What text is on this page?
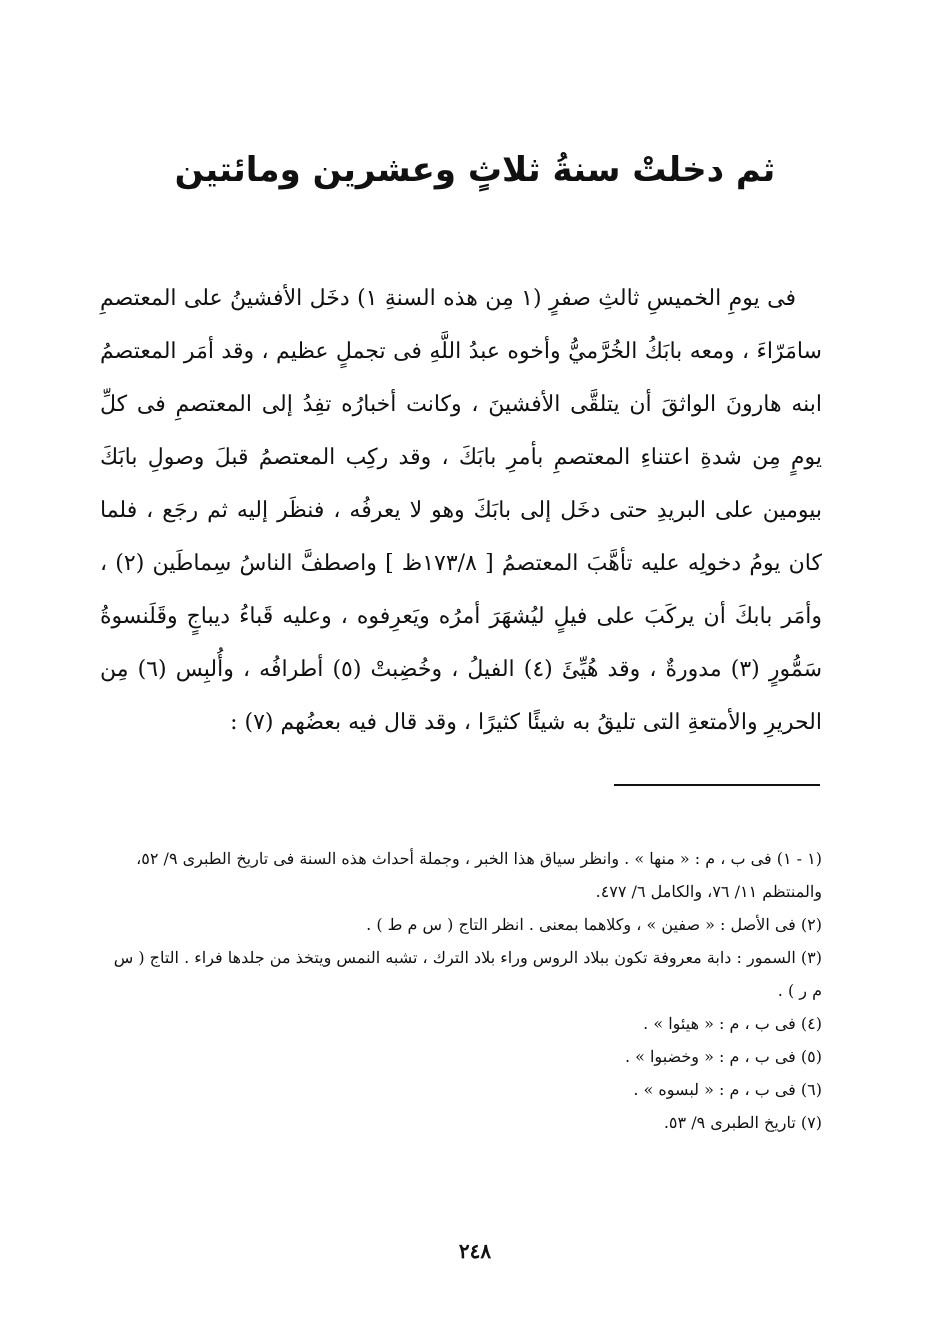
ثم دخلتْ سنةُ ثلاثٍ وعشرين ومائتين

فى يومِ الخميسِ ثالثِ صفرٍ (١ مِن هذه السنةِ ١) دخَل الأفشينُ على المعتصمِ سامَرّاءَ ، ومعه بابَكُ الخُرَّميُّ وأخوه عبدُ اللَّهِ فى تجملٍ عظيم ، وقد أمَر المعتصمُ ابنه هارونَ الواثقَ أن يتلقَّى الأفشينَ ، وكانت أخبارُه تفِدُ إلى المعتصمِ فى كلِّ يومٍ مِن شدةِ اعتناءِ المعتصمِ بأمرِ بابَكَ ، وقد ركِب المعتصمُ قبلَ وصولِ بابَكَ بيومين على البريدِ حتى دخَل إلى بابَكَ وهو لا يعرفُه ، فنظَر إليه ثم رجَع ، فلما كان يومُ دخولِه عليه تأهَّبَ المعتصمُ [ ١٧٣/٨ظ ] واصطفَّ الناسُ سِماطَين (٢) ، وأمَر بابكَ أن يركَبَ على فيلٍ ليُشهَرَ أمرُه ويَعرِفوه ، وعليه قَباءُ ديباجٍ وقَلَنسوةُ سَمُّورٍ (٣) مدورةٌ ، وقد هُيِّئَ (٤) الفيلُ ، وخُضِبتْ (٥) أطرافُه ، وأُلبِس (٦) مِن الحريرِ والأمتعةِ التى تليقُ به شيئًا كثيرًا ، وقد قال فيه بعضُهم (٧) :

(١ - ١) فى ب ، م : « منها » . وانظر سياق هذا الخبر ، وجملة أحداث هذه السنة فى تاريخ الطبرى ٩/ ٥٢، والمنتظم ١١/ ٧٦، والكامل ٦/ ٤٧٧.
(٢) فى الأصل : « صفين » ، وكلاهما بمعنى . انظر التاج ( س م ط ) .
(٣) السمور : دابة معروفة تكون ببلاد الروس وراء بلاد الترك ، تشبه النمس ويتخذ من جلدها فراء . التاج ( س م ر ) .
(٤) فى ب ، م : « هيئوا » .
(٥) فى ب ، م : « وخضبوا » .
(٦) فى ب ، م : « لبسوه » .
(٧) تاريخ الطبرى ٩/ ٥٣.
٢٤٨
